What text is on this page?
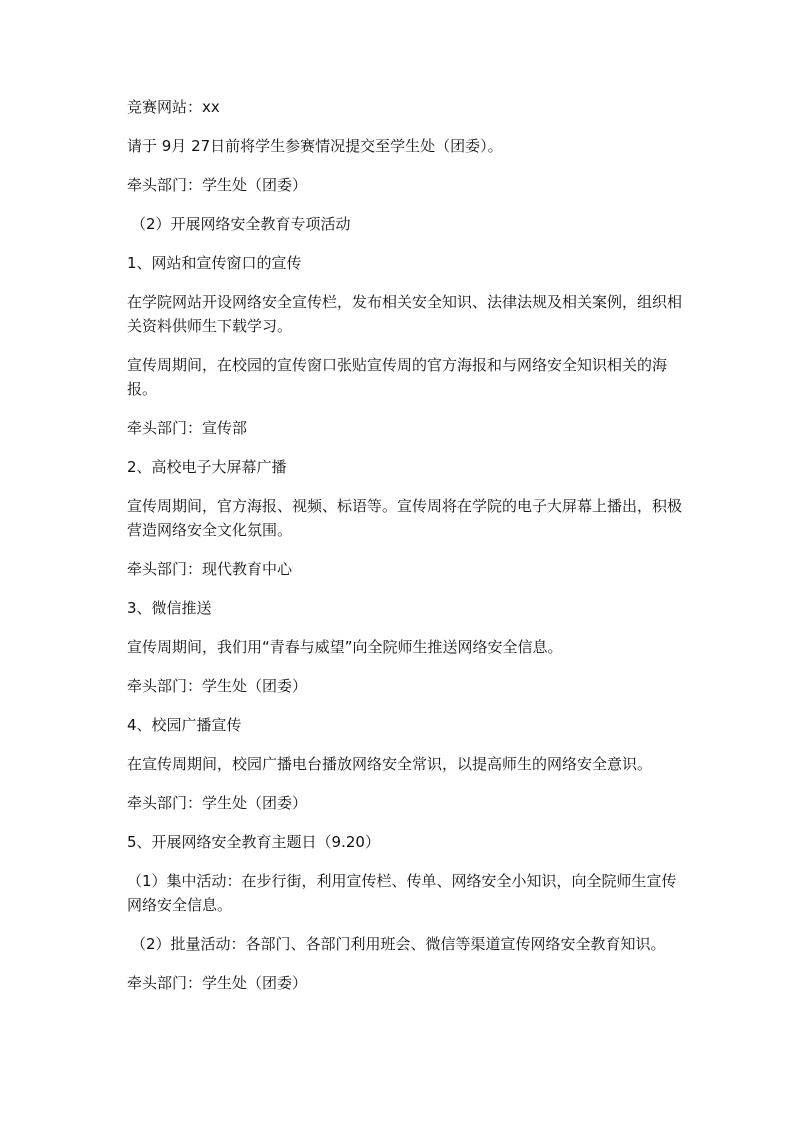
竞赛网站：xx

请于 9月 27日前将学生参赛情况提交至学生处（团委）。

牵头部门：学生处（团委）

（2）开展网络安全教育专项活动

1、网站和宣传窗口的宣传

在学院网站开设网络安全宣传栏，发布相关安全知识、法律法规及相关案例，组织相关资料供师生下载学习。

宣传周期间，在校园的宣传窗口张贴宣传周的官方海报和与网络安全知识相关的海报。

牵头部门：宣传部

2、高校电子大屏幕广播

宣传周期间，官方海报、视频、标语等。宣传周将在学院的电子大屏幕上播出，积极营造网络安全文化氛围。

牵头部门：现代教育中心

3、微信推送

宣传周期间，我们用“青春与威望”向全院师生推送网络安全信息。

牵头部门：学生处（团委）

4、校园广播宣传

在宣传周期间，校园广播电台播放网络安全常识，以提高师生的网络安全意识。

牵头部门：学生处（团委）

5、开展网络安全教育主题日（9.20）

（1）集中活动：在步行街，利用宣传栏、传单、网络安全小知识，向全院师生宣传网络安全信息。

（2）批量活动：各部门、各部门利用班会、微信等渠道宣传网络安全教育知识。

牵头部门：学生处（团委）
